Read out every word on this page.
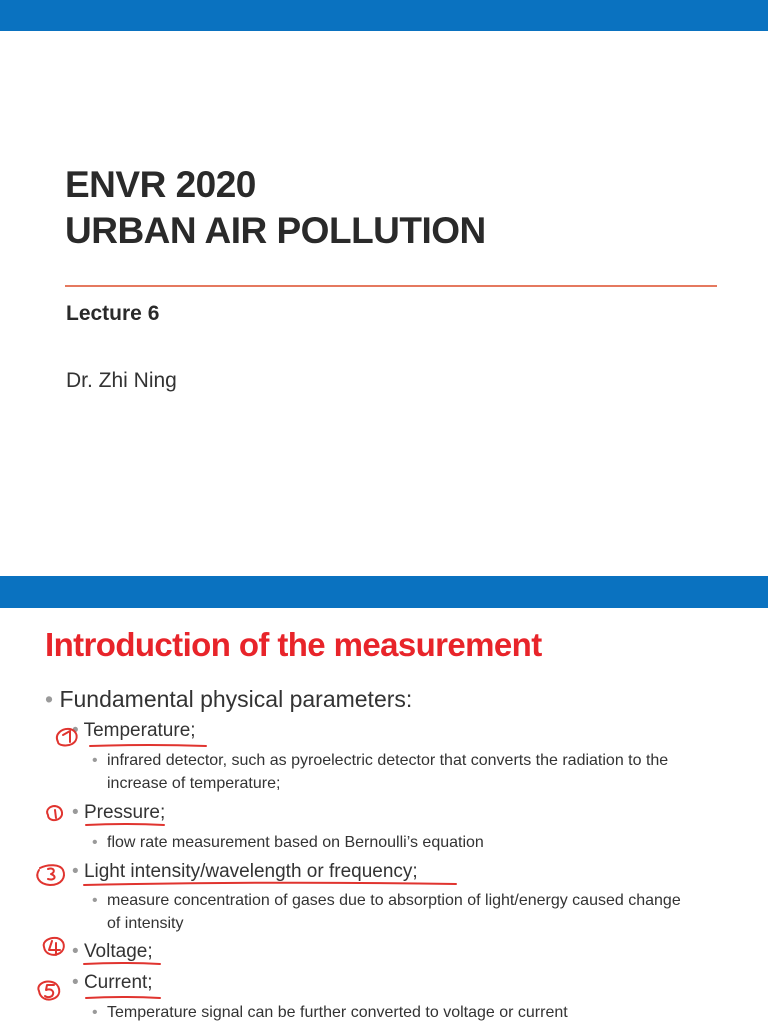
ENVR 2020
URBAN AIR POLLUTION
Lecture 6
Dr. Zhi Ning
Introduction of the measurement
• Fundamental physical parameters:
• Temperature;
• infrared detector, such as pyroelectric detector that converts the radiation to the increase of temperature;
• Pressure;
• flow rate measurement based on Bernoulli’s equation
• Light intensity/wavelength or frequency;
• measure concentration of gases due to absorption of light/energy caused change of intensity
• Voltage;
• Current;
• Temperature signal can be further converted to voltage or current
